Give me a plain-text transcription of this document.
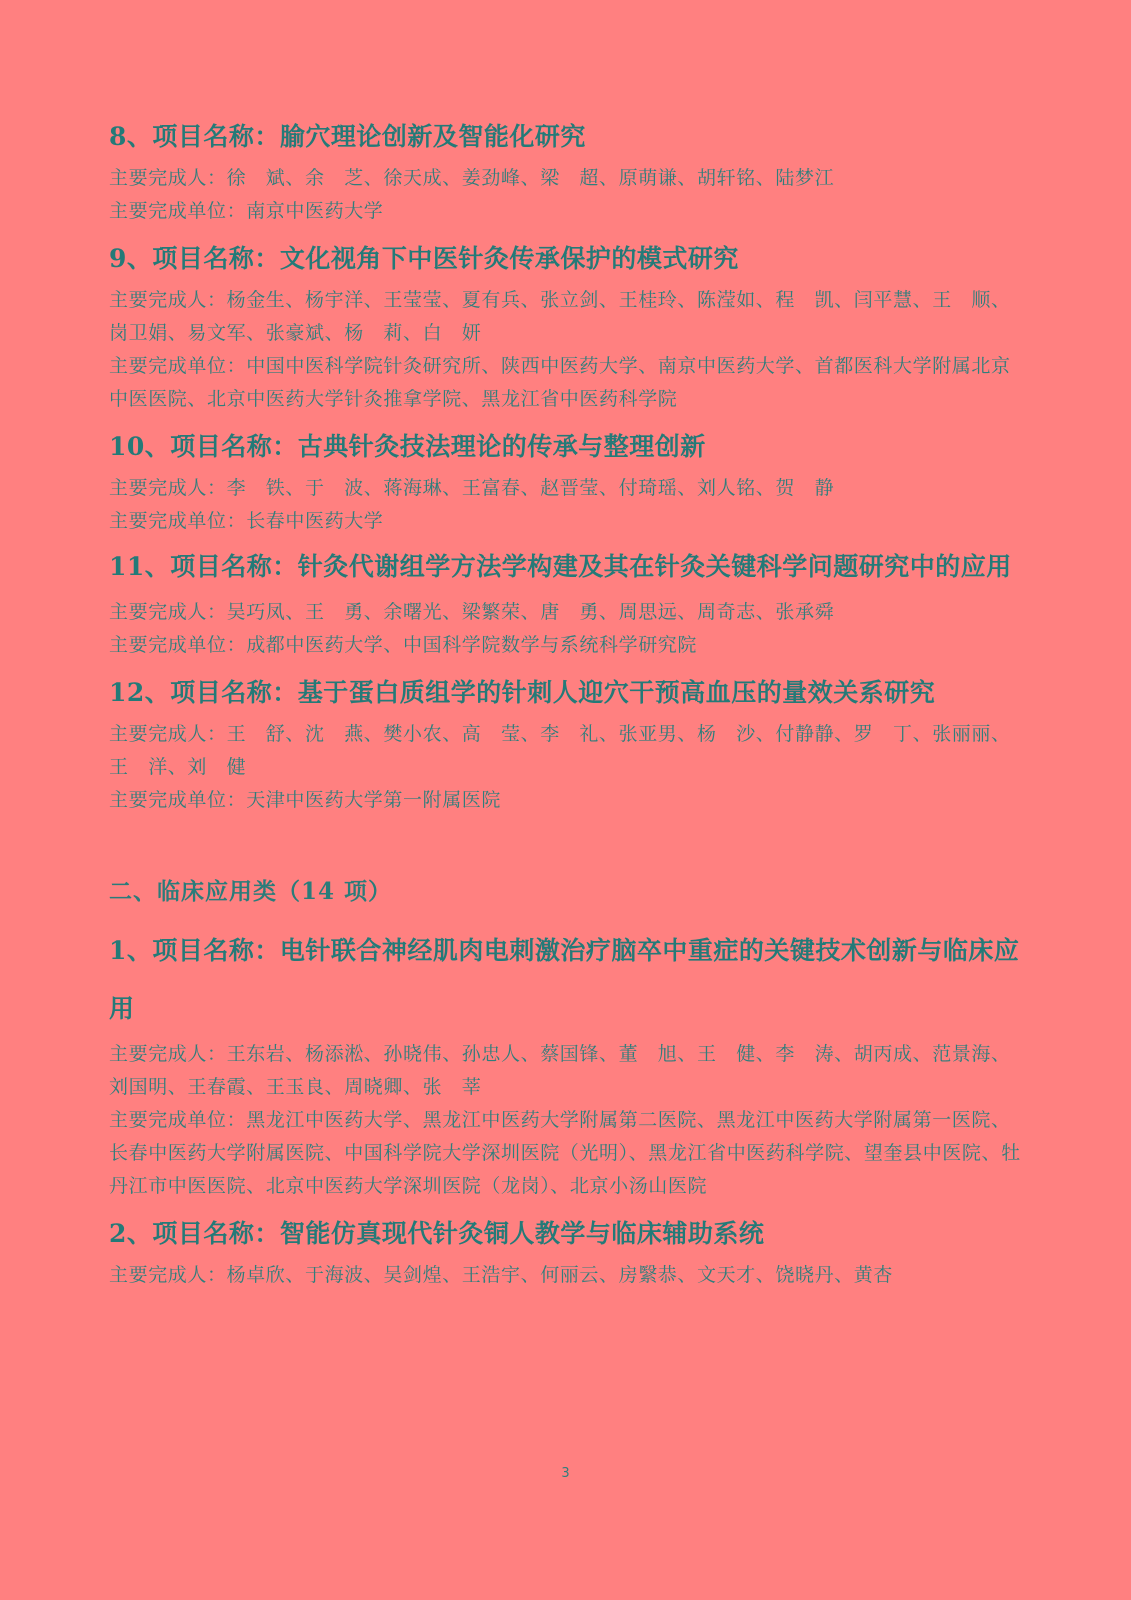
8、项目名称：腧穴理论创新及智能化研究

主要完成人：徐　斌、余　芝、徐天成、姜劲峰、梁　超、原萌谦、胡轩铭、陆梦江

主要完成单位：南京中医药大学

9、项目名称：文化视角下中医针灸传承保护的模式研究

主要完成人：杨金生、杨宇洋、王莹莹、夏有兵、张立剑、王桂玲、陈滢如、程　凯、闫平慧、王　顺、岗卫娟、易文军、张豪斌、杨　莉、白　妍

主要完成单位：中国中医科学院针灸研究所、陕西中医药大学、南京中医药大学、首都医科大学附属北京中医医院、北京中医药大学针灸推拿学院、黑龙江省中医药科学院

10、项目名称：古典针灸技法理论的传承与整理创新

主要完成人：李　铁、于　波、蒋海琳、王富春、赵晋莹、付琦瑶、刘人铭、贺　静

主要完成单位：长春中医药大学

11、项目名称：针灸代谢组学方法学构建及其在针灸关键科学问题研究中的应用

主要完成人：吴巧凤、王　勇、余曙光、梁繁荣、唐　勇、周思远、周奇志、张承舜

主要完成单位：成都中医药大学、中国科学院数学与系统科学研究院

12、项目名称：基于蛋白质组学的针刺人迎穴干预高血压的量效关系研究

主要完成人：王　舒、沈　燕、樊小农、高　莹、李　礼、张亚男、杨　沙、付静静、罗　丁、张丽丽、王　洋、刘　健

主要完成单位：天津中医药大学第一附属医院

二、临床应用类（14 项）
1、项目名称：电针联合神经肌肉电刺激治疗脑卒中重症的关键技术创新与临床应用

主要完成人：王东岩、杨添淞、孙晓伟、孙忠人、蔡国锋、董　旭、王　健、李　涛、胡丙成、范景海、刘国明、王春霞、王玉良、周晓卿、张　莘

主要完成单位：黑龙江中医药大学、黑龙江中医药大学附属第二医院、黑龙江中医药大学附属第一医院、长春中医药大学附属医院、中国科学院大学深圳医院（光明）、黑龙江省中医药科学院、望奎县中医院、牡丹江市中医医院、北京中医药大学深圳医院（龙岗）、北京小汤山医院

2、项目名称：智能仿真现代针灸铜人教学与临床辅助系统

主要完成人：杨卓欣、于海波、吴剑煌、王浩宇、何丽云、房繄恭、文天才、饶晓丹、黄杏

3
